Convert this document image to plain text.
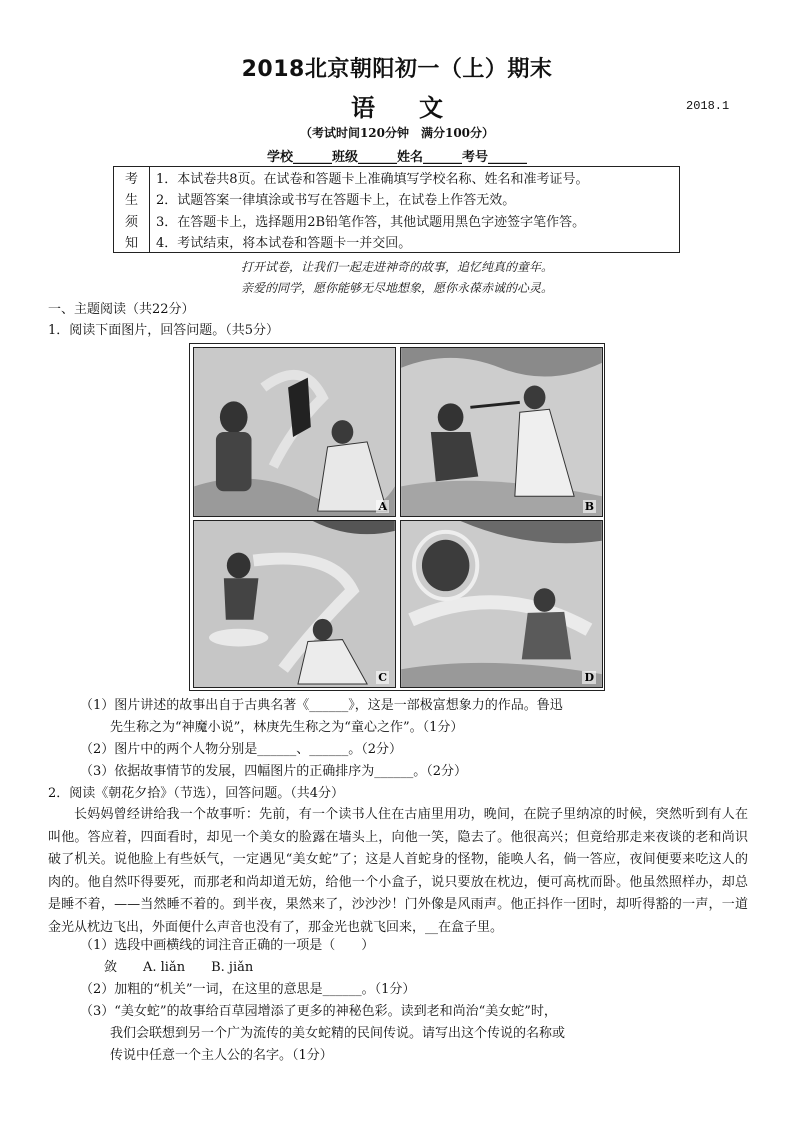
2018北京朝阳初一（上）期末
语文	2018.1
（考试时间120分钟　满分100分）
学校______班级______姓名______考号______
考
生
须
知
1．本试卷共8页。在试卷和答题卡上准确填写学校名称、姓名和准考证号。
2．试题答案一律填涂或书写在答题卡上，在试卷上作答无效。
3．在答题卡上，选择题用2B铅笔作答，其他试题用黑色字迹签字笔作答。
4．考试结束，将本试卷和答题卡一并交回。
打开试卷，让我们一起走进神奇的故事，追忆纯真的童年。
亲爱的同学，愿你能够无尽地想象，愿你永葆赤诚的心灵。
一、主题阅读（共22分）
1．阅读下面图片，回答问题。（共5分）
A	B
C	D
（1）图片讲述的故事出自于古典名著《______》，这是一部极富想象力的作品。鲁迅
先生称之为“神魔小说”，林庚先生称之为“童心之作”。（1分）
（2）图片中的两个人物分别是______、______。（2分）
（3）依据故事情节的发展，四幅图片的正确排序为______。（2分）
2．阅读《朝花夕拾》（节选），回答问题。（共4分）
长妈妈曾经讲给我一个故事听：先前，有一个读书人住在古庙里用功，晚间，在院子里纳凉的时候，突然听到有人在叫他。答应着，四面看时，却见一个美女的脸露在墙头上，向他一笑，隐去了。他很高兴；但竟给那走来夜谈的老和尚识破了机关。说他脸上有些妖气，一定遇见“美女蛇”了；这是人首蛇身的怪物，能唤人名，倘一答应，夜间便要来吃这人的肉的。他自然吓得要死，而那老和尚却道无妨，给他一个小盒子，说只要放在枕边，便可高枕而卧。他虽然照样办，却总是睡不着，——当然睡不着的。到半夜，果然来了，沙沙沙！门外像是风雨声。他正抖作一团时，却听得豁的一声，一道金光从枕边飞出，外面便什么声音也没有了，那金光也就飞回来，__在盒子里。
（1）选段中画横线的词注音正确的一项是（　　）
敛　　A. liǎn　　B. jiǎn
（2）加粗的“机关”一词，在这里的意思是______。（1分）
（3）“美女蛇”的故事给百草园增添了更多的神秘色彩。读到老和尚治“美女蛇”时，
我们会联想到另一个广为流传的美女蛇精的民间传说。请写出这个传说的名称或
传说中任意一个主人公的名字。（1分）
